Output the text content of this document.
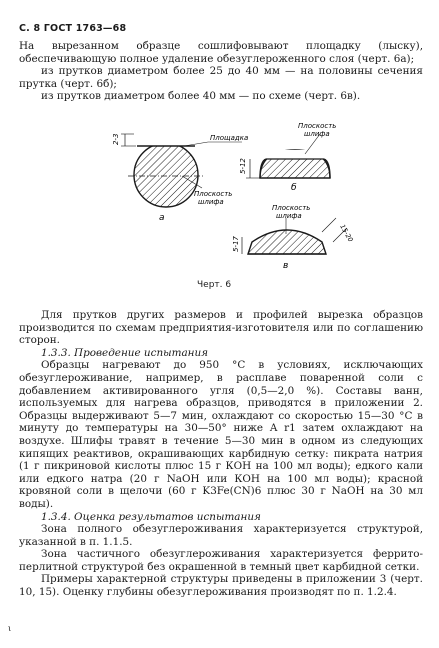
С. 8 ГОСТ 1763—68

На вырезанном образце сошлифовывают площадку (лыску), обеспечивающую полное удаление обезуглероженного слоя (черт. 6а);

из прутков диаметром более 25 до 40 мм — на половины сечения прутка (черт. 6б);

из прутков диаметром более 40 мм — по схеме (черт. 6в).

2-3	Площадка
Плоскость
шлифа
а
5-12
Плоскость
шлифа
б
5-17
15-20
Плоскость
шлифа
в
Черт. 6

Для прутков других размеров и профилей вырезка образцов производится по схемам предприятия-изготовителя или по соглашению сторон.

1.3.3. Проведение испытания

Образцы нагревают до 950 °С в условиях, исключающих обезуглероживание, например, в расплаве поваренной соли с добавлением активированного угля (0,5—2,0 %). Составы ванн, используемых для нагрева образцов, приводятся в приложении 2. Образцы выдерживают 5—7 мин, охлаждают со скоростью 15—30 °С в минуту до температуры на 30—50° ниже A r1 затем охлаждают на воздухе. Шлифы травят в течение 5—30 мин в одном из следующих кипящих реактивов, окрашивающих карбидную сетку: пикрата натрия (1 г пикриновой кислоты плюс 15 г КОН на 100 мл воды); едкого кали или едкого натра (20 г NaOH или КОН на 100 мл воды); красной кровяной соли в щелочи (60 г K3Fe(CN)6 плюс 30 г NaOH на 30 мл воды).

1.3.4. Оценка результатов испытания

Зона полного обезуглероживания характеризуется структурой, указанной в п. 1.1.5.

Зона частичного обезуглероживания характеризуется феррито-перлитной структурой без окрашенной в темный цвет карбидной сетки.

Примеры характерной структуры приведены в приложении 3 (черт. 10, 15). Оценку глубины обезуглероживания производят по п. 1.2.4.

ι
